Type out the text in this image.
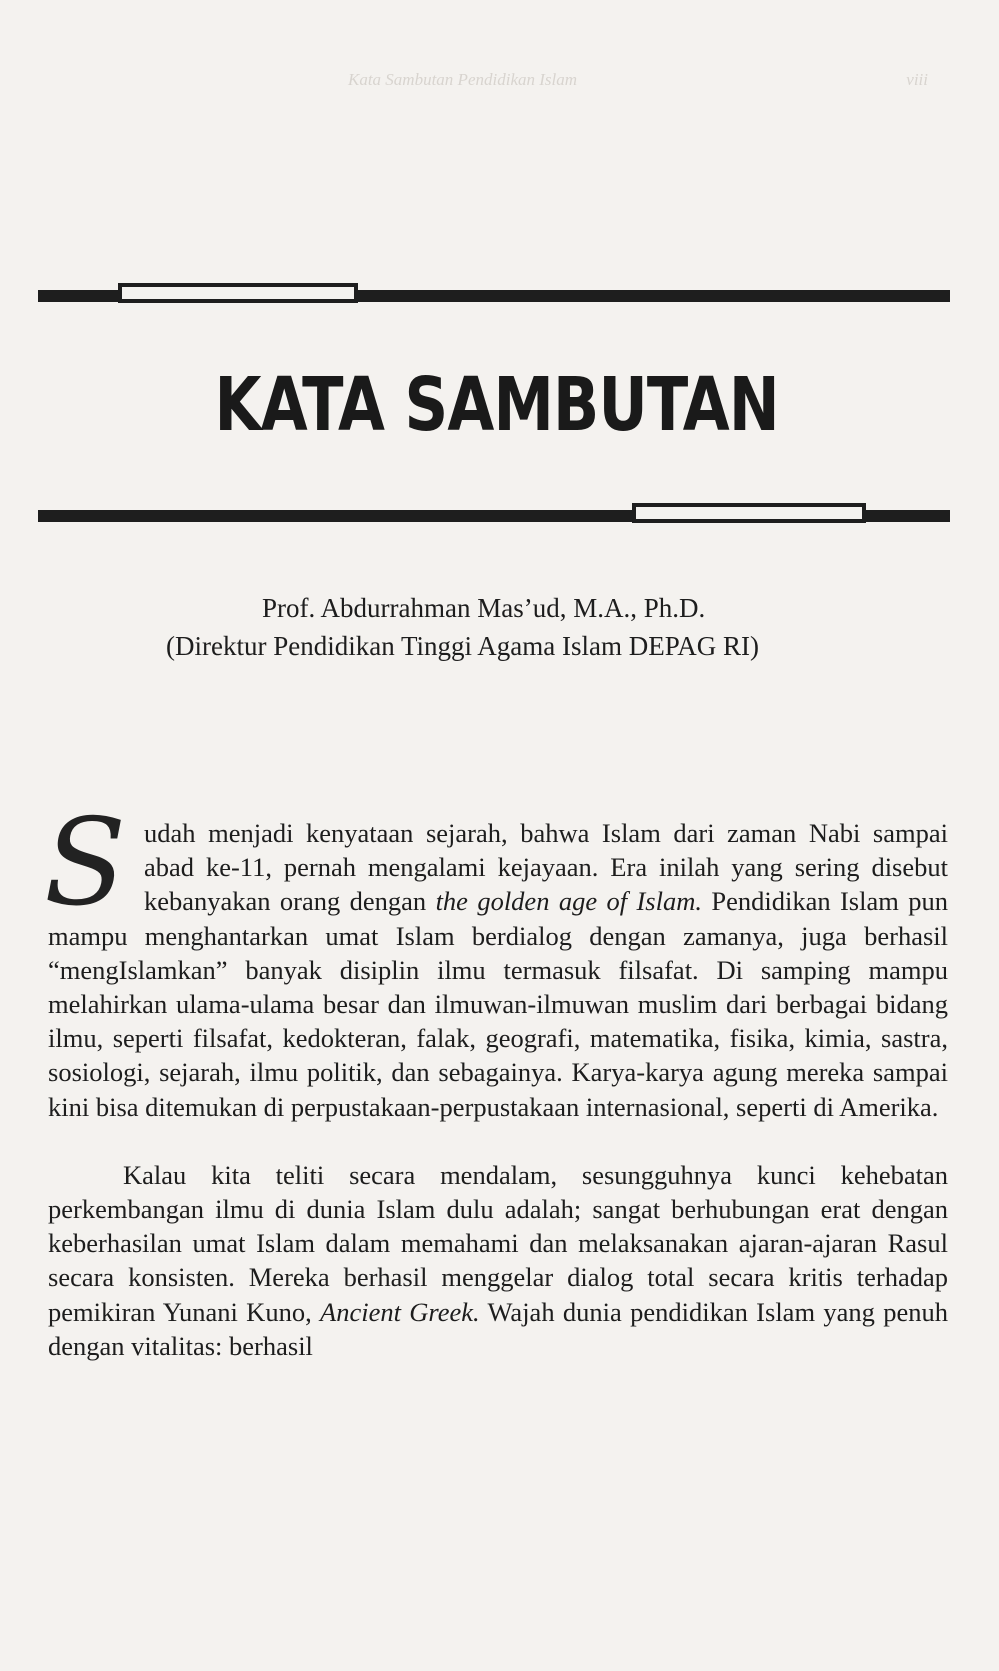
Kata Sambutan Pendidikan Islam	viii
KATA SAMBUTAN
Prof. Abdurrahman Mas’ud, M.A., Ph.D.
(Direktur Pendidikan Tinggi Agama Islam DEPAG RI)

Sudah menjadi kenyataan sejarah, bahwa Islam dari zaman Nabi sampai abad ke-11, pernah mengalami kejayaan. Era inilah yang sering disebut kebanyakan orang dengan the golden age of Islam. Pendidikan Islam pun mampu menghantarkan umat Islam berdialog dengan zamanya, juga berhasil “mengIslamkan” banyak disiplin ilmu termasuk filsafat. Di samping mampu melahirkan ulama-ulama besar dan ilmuwan-ilmuwan muslim dari berbagai bidang ilmu, seperti filsafat, kedokteran, falak, geografi, matematika, fisika, kimia, sastra, sosiologi, sejarah, ilmu politik, dan sebagainya. Karya-karya agung mereka sampai kini bisa ditemukan di perpustakaan-perpustakaan internasional, seperti di Amerika.

Kalau kita teliti secara mendalam, sesungguhnya kunci kehebatan perkembangan ilmu di dunia Islam dulu adalah; sangat berhubungan erat dengan keberhasilan umat Islam dalam memahami dan melaksanakan ajaran-ajaran Rasul secara konsisten. Mereka berhasil menggelar dialog total secara kritis terhadap pemikiran Yunani Kuno, Ancient Greek. Wajah dunia pendidikan Islam yang penuh dengan vitalitas: berhasil
